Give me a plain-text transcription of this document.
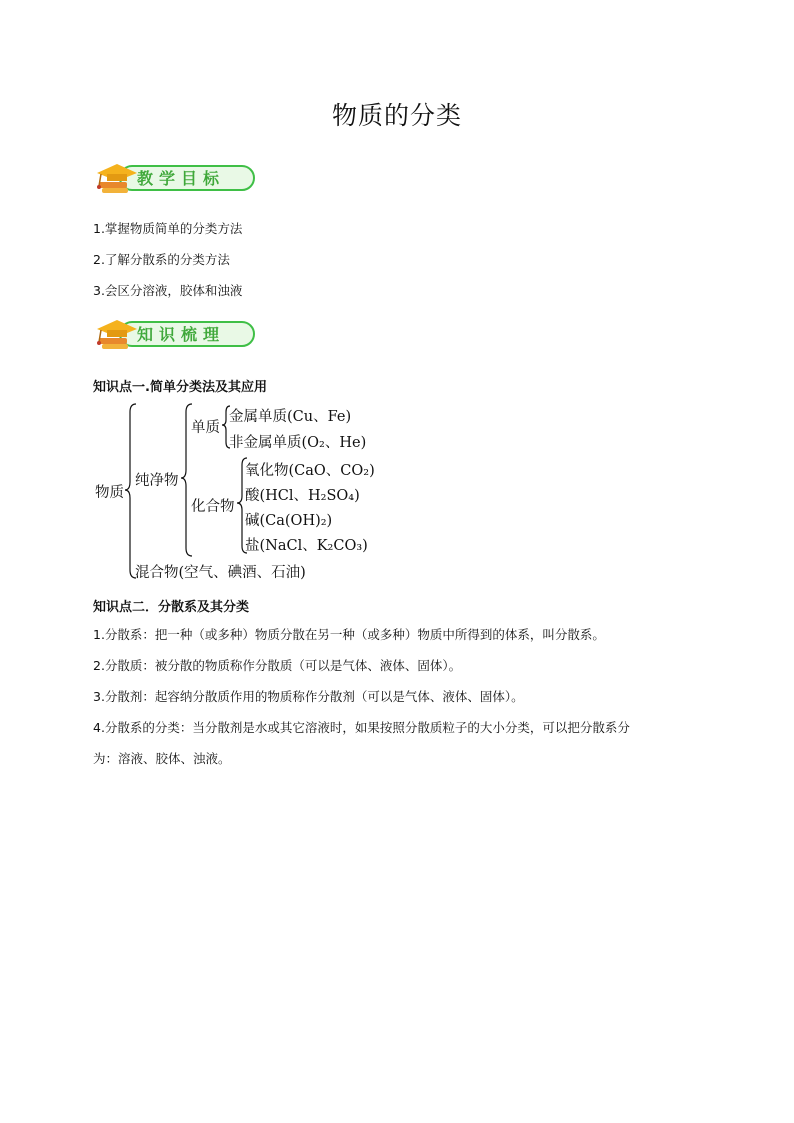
物质的分类
教学目标
1.掌握物质简单的分类方法
2.了解分散系的分类方法
3.会区分溶液，胶体和浊液
知识梳理
知识点一.简单分类法及其应用
物质
纯净物
单质
金属单质(Cu、Fe)
非金属单质(O₂、He)
化合物
氧化物(CaO、CO₂)
酸(HCl、H₂SO₄)
碱(Ca(OH)₂)
盐(NaCl、K₂CO₃)
混合物(空气、碘酒、石油)
知识点二．分散系及其分类
1.分散系：把一种（或多种）物质分散在另一种（或多种）物质中所得到的体系，叫分散系。
2.分散质：被分散的物质称作分散质（可以是气体、液体、固体）。
3.分散剂：起容纳分散质作用的物质称作分散剂（可以是气体、液体、固体）。
4.分散系的分类：当分散剂是水或其它溶液时，如果按照分散质粒子的大小分类，可以把分散系分
为：溶液、胶体、浊液。
